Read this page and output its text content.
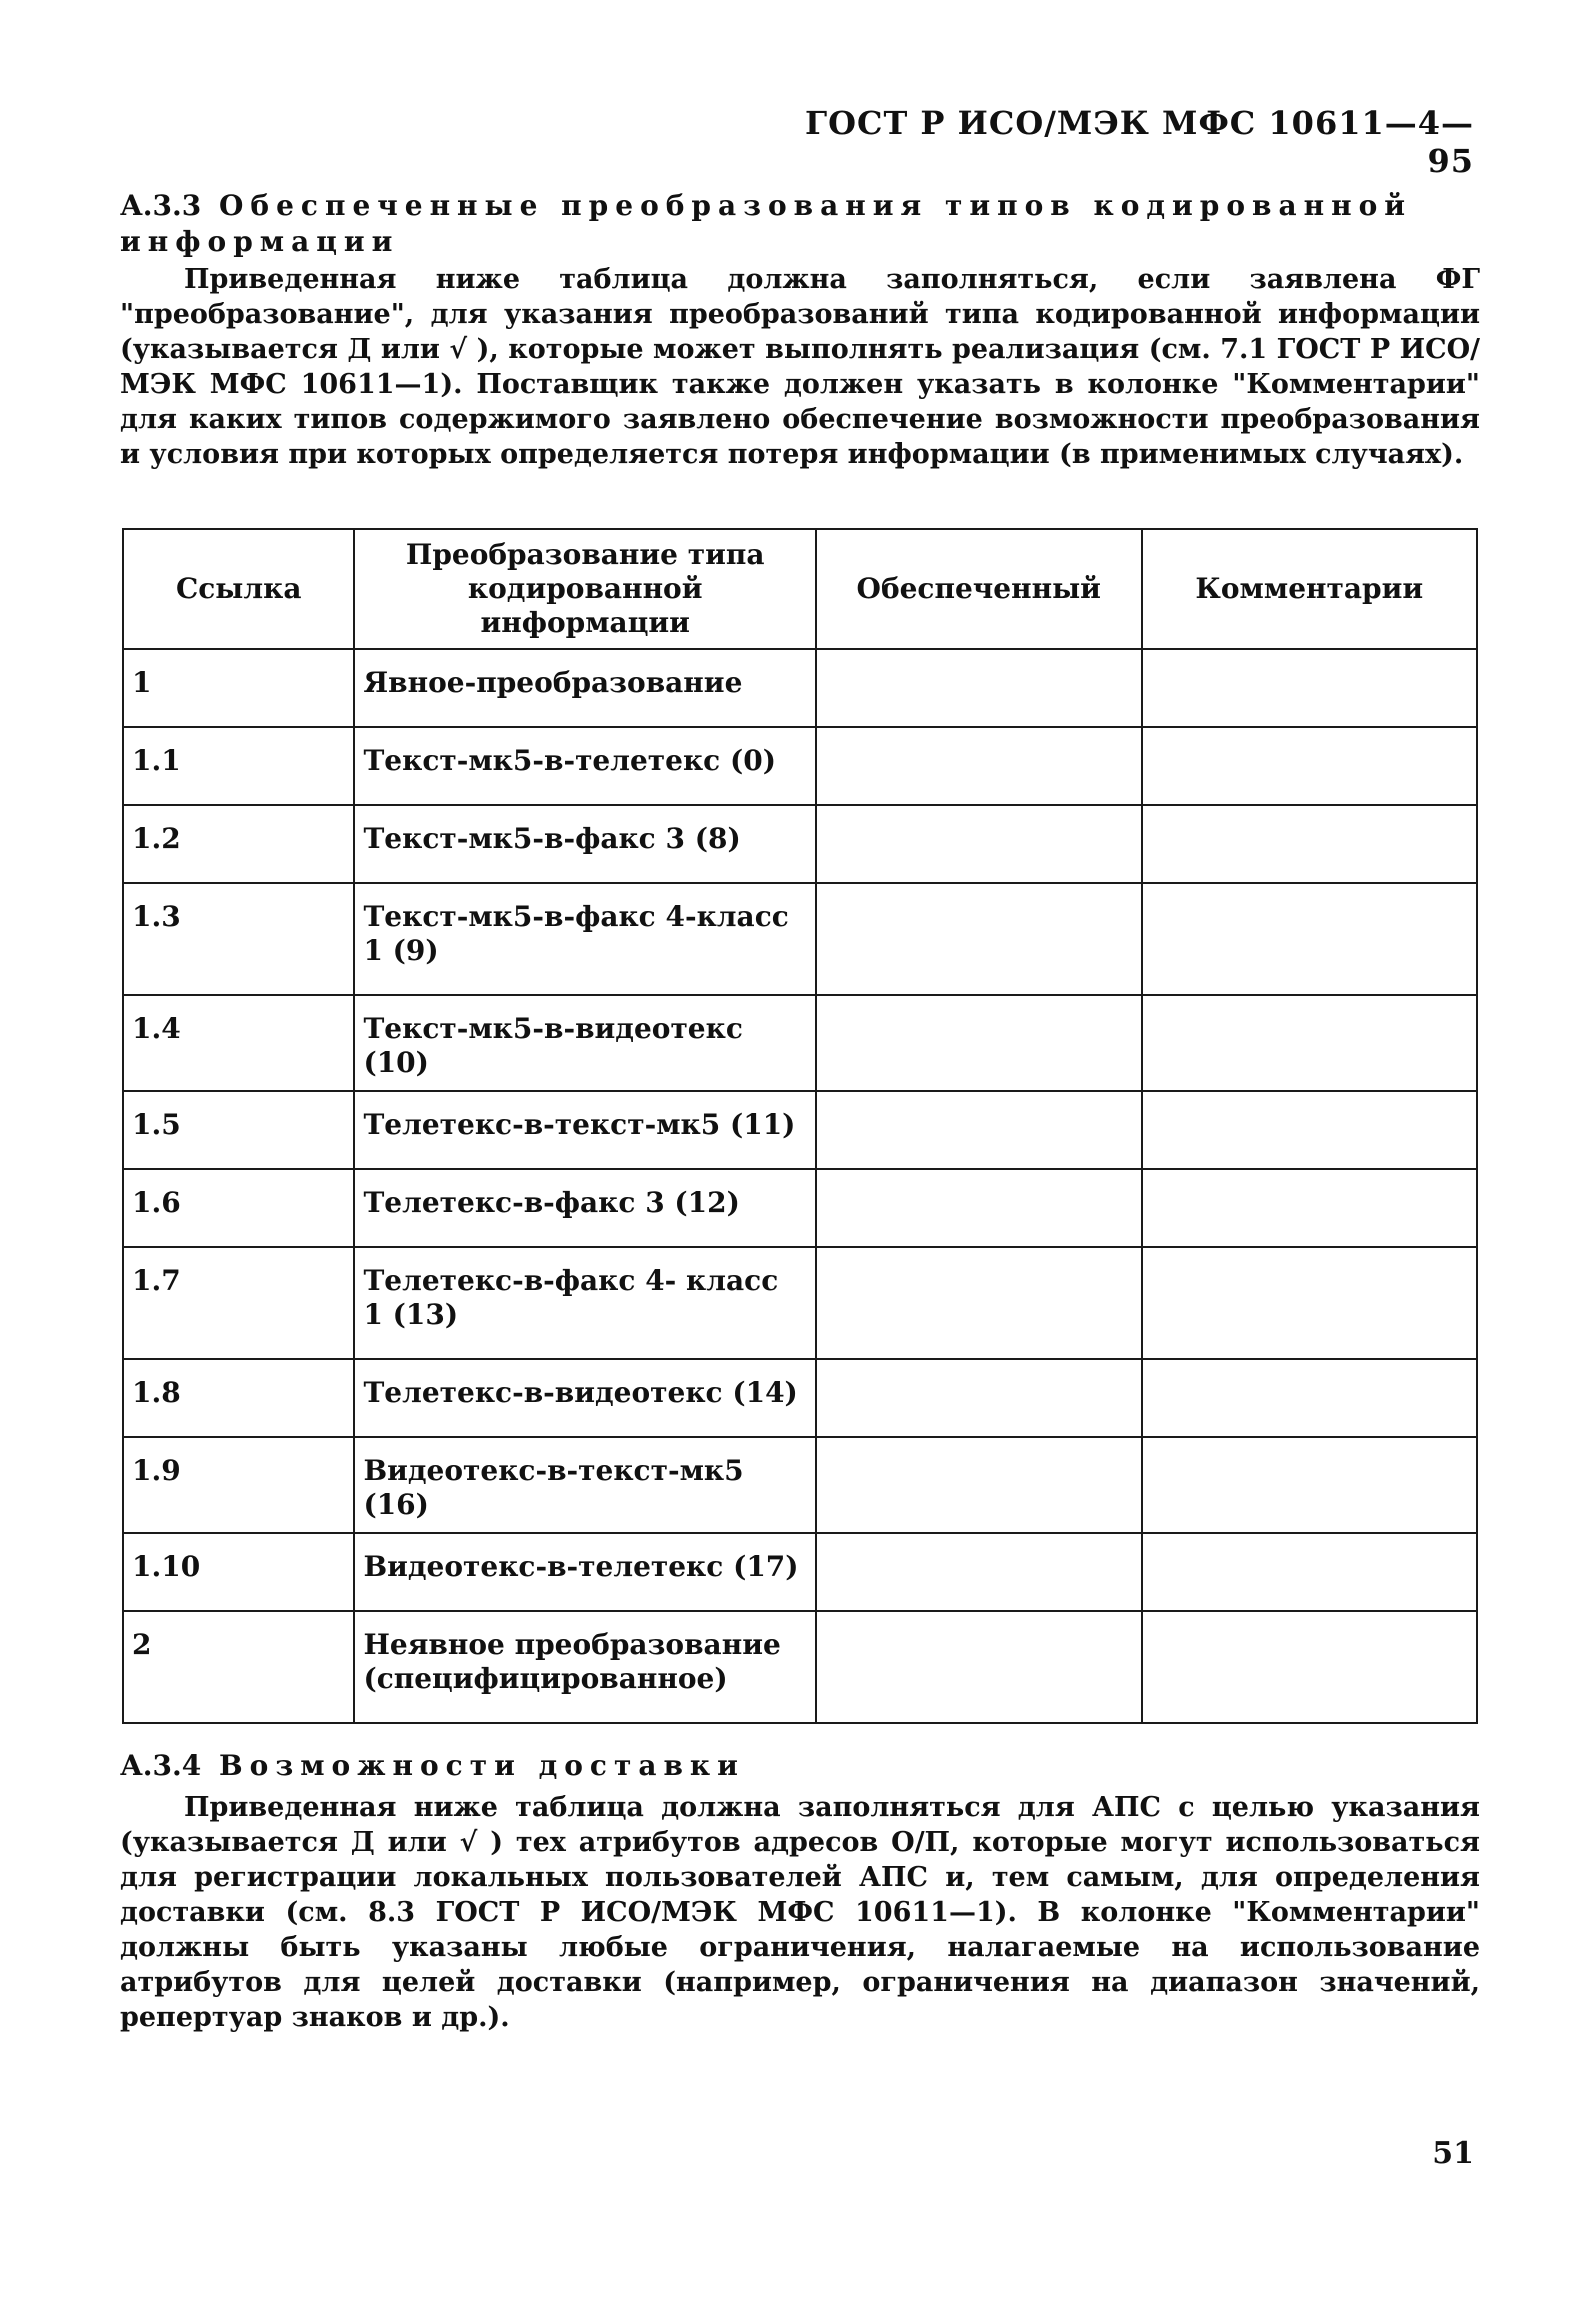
ГОСТ Р ИСО/МЭК МФС 10611—4—95
А.3.3 Обеспеченные преобразования типов кодированной информации
Приведенная ниже таблица должна заполняться, если заявлена ФГ "преобразование", для указания преобразований типа кодированной информации (указывается Д или √ ), которые может выполнять реализация (см. 7.1 ГОСТ Р ИСО/МЭК МФС 10611—1). Поставщик также должен указать в колонке "Комментарии" для каких типов содержимого заявлено обеспечение возможности преобразования и условия при которых определяется потеря информации (в применимых случаях).
Ссылка	Преобразование типа кодированной информации	Обеспеченный	Комментарии
1	Явное-преобразование		
1.1	Текст-мк5-в-телетекс (0)		
1.2	Текст-мк5-в-факс 3 (8)		
1.3	Текст-мк5-в-факс 4-класс 1 (9)		
1.4	Текст-мк5-в-видеотекс (10)		
1.5	Телетекс-в-текст-мк5 (11)		
1.6	Телетекс-в-факс 3 (12)		
1.7	Телетекс-в-факс 4- класс 1 (13)		
1.8	Телетекс-в-видеотекс (14)		
1.9	Видеотекс-в-текст-мк5 (16)		
1.10	Видеотекс-в-телетекс (17)		
2	Неявное преобразование (специфицированное)		
А.3.4 Возможности доставки
Приведенная ниже таблица должна заполняться для АПС с целью указания (указывается Д или √ ) тех атрибутов адресов О/П, которые могут использоваться для регистрации локальных пользователей АПС и, тем самым, для определения доставки (см. 8.3 ГОСТ Р ИСО/МЭК МФС 10611—1). В колонке "Комментарии" должны быть указаны любые ограничения, налагаемые на использование атрибутов для целей доставки (например, ограничения на диапазон значений, репертуар знаков и др.).
51
